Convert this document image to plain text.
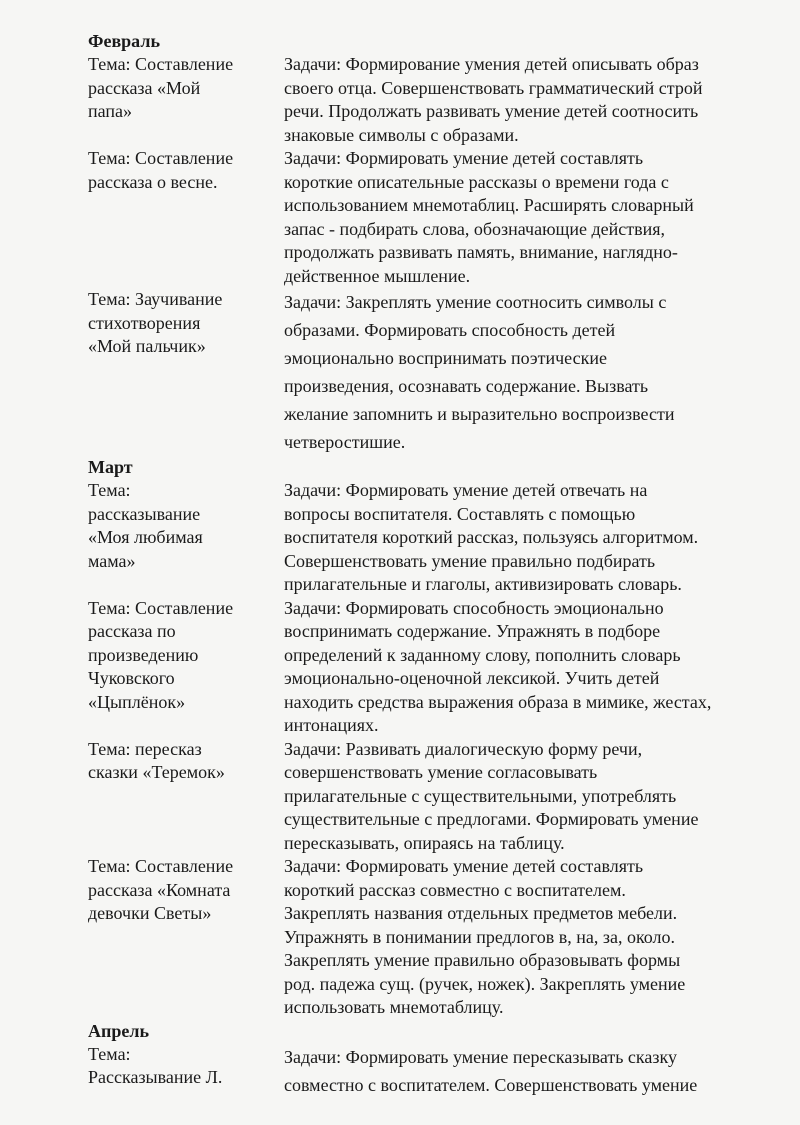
Февраль
Тема: Составление
рассказа «Мой
папа»
Задачи: Формирование умения детей описывать образ
своего отца. Совершенствовать грамматический строй
речи. Продолжать развивать умение детей соотносить
знаковые символы с образами.
Тема: Составление
рассказа о весне.
Задачи: Формировать умение детей составлять
короткие описательные рассказы о времени года с
использованием мнемотаблиц. Расширять словарный
запас - подбирать слова, обозначающие действия,
продолжать развивать память, внимание, наглядно-
действенное мышление.
Тема: Заучивание
стихотворения
«Мой пальчик»
Задачи: Закреплять умение соотносить символы с
образами. Формировать способность детей
эмоционально воспринимать поэтические
произведения, осознавать содержание. Вызвать
желание запомнить и выразительно воспроизвести
четверостишие.
Март
Тема:
рассказывание
«Моя любимая
мама»
Задачи: Формировать умение детей отвечать на
вопросы воспитателя. Составлять с помощью
воспитателя короткий рассказ, пользуясь алгоритмом.
Совершенствовать умение правильно подбирать
прилагательные и глаголы, активизировать словарь.
Тема: Составление
рассказа по
произведению
Чуковского
«Цыплёнок»
Задачи: Формировать способность эмоционально
воспринимать содержание. Упражнять в подборе
определений к заданному слову, пополнить словарь
эмоционально-оценочной лексикой. Учить детей
находить средства выражения образа в мимике, жестах,
интонациях.
Тема: пересказ
сказки «Теремок»
Задачи: Развивать диалогическую форму речи,
совершенствовать умение согласовывать
прилагательные с существительными, употреблять
существительные с предлогами. Формировать умение
пересказывать, опираясь на таблицу.
Тема: Составление
рассказа «Комната
девочки Светы»
Задачи: Формировать умение детей составлять
короткий рассказ совместно с воспитателем.
Закреплять названия отдельных предметов мебели.
Упражнять в понимании предлогов в, на, за, около.
Закреплять умение правильно образовывать формы
род. падежа сущ. (ручек, ножек). Закреплять умение
использовать мнемотаблицу.
Апрель
Тема:
Рассказывание Л.
Задачи: Формировать умение пересказывать сказку
совместно с воспитателем. Совершенствовать умение
